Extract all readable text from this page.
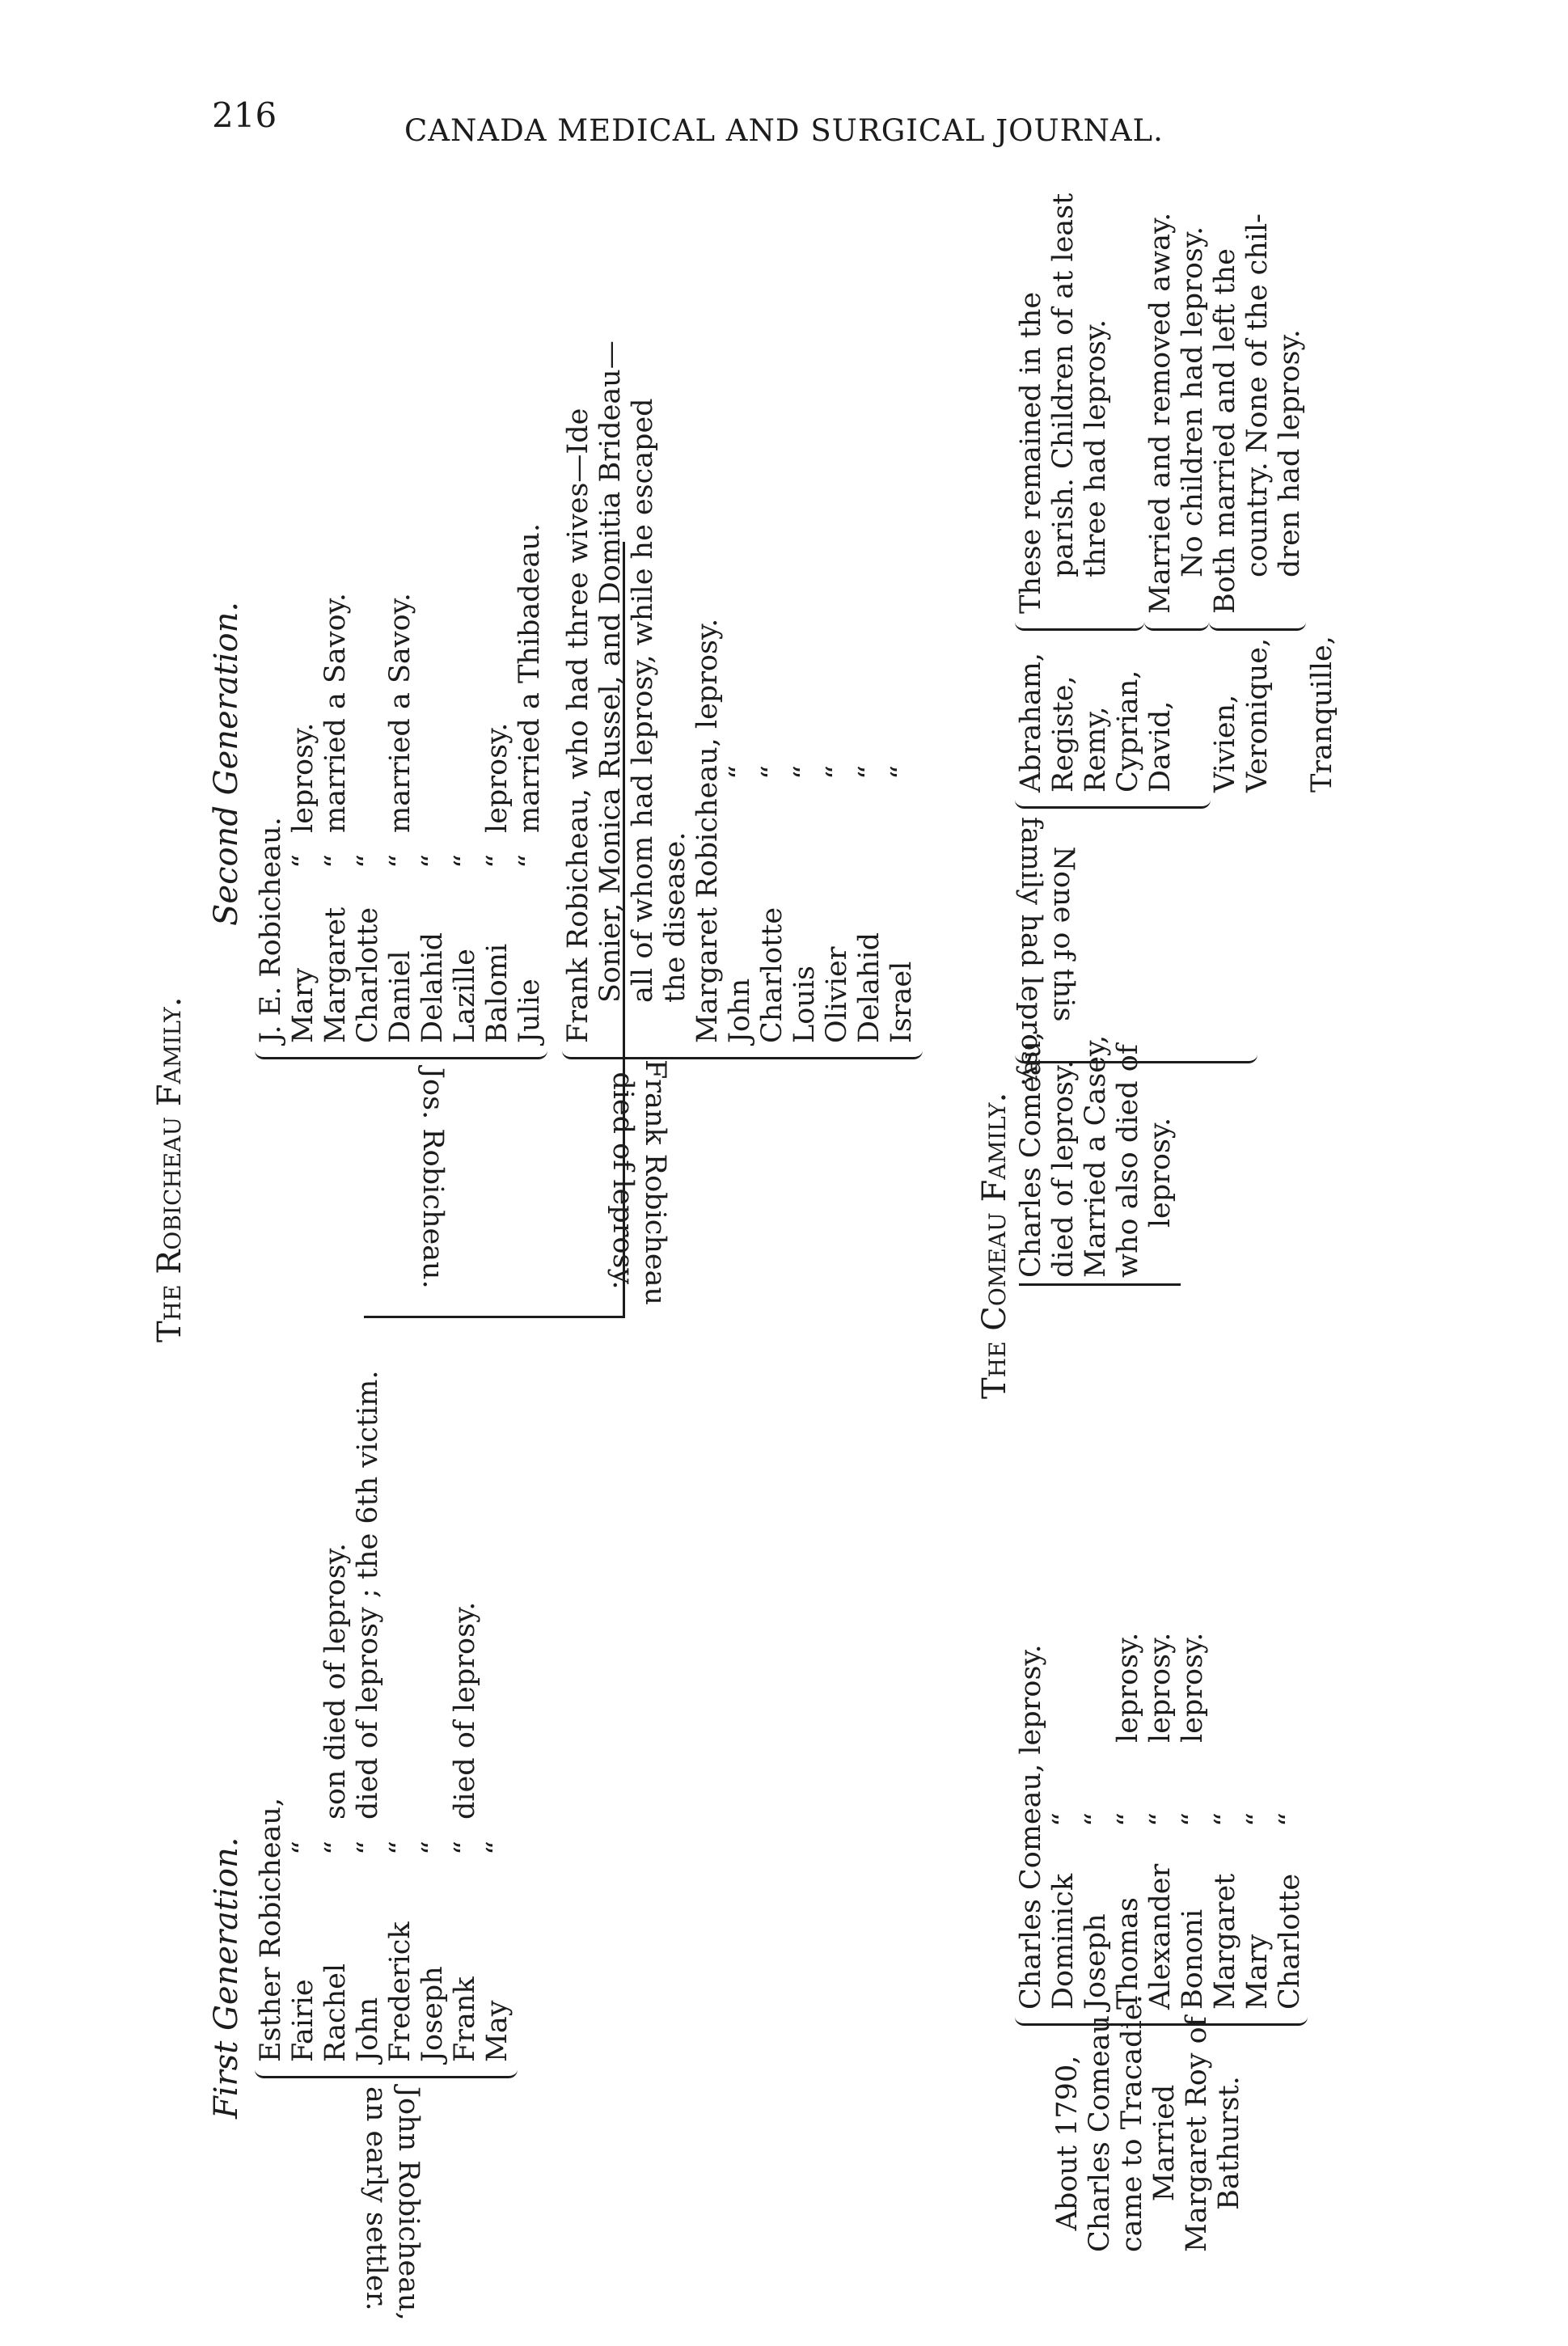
216	CANADA MEDICAL AND SURGICAL JOURNAL.
The Robicheau Family.
First Generation.
Second Generation.
John Robicheau,
an early settler.
Esther Robicheau, Fairie“
Rachel“son died of leprosy.
John“died of leprosy ; the 6th victim.
Frederick“
Joseph“
Frank“died of leprosy.
May“
Jos. Robicheau.
J. E. Robicheau. Mary“leprosy.
Margaret“married a Savoy.
Charlotte“
Daniel“married a Savoy.
Delahid“
Lazille“
Balomi“leprosy.
Julie“married a Thibadeau.
Frank Robicheau
died of leprosy.
Frank Robicheau, who had three wives—Ide Sonier, Monica Russel, and Domitia Brideau— all of whom had leprosy, while he escaped the disease. Margaret Robicheau, leprosy. John“
Charlotte“
Louis“
Olivier“
Delahid“
Israel“
The Comeau Family.
About 1790, Charles Comeau came to Tracadie. Married Margaret Roy of Bathurst.
Charles Comeau, leprosy. Dominick“
Joseph“
Thomas“leprosy.
Alexander“leprosy.
Bononi“leprosy.
Margaret“
Mary“
Charlotte“
Charles Comeau, died of leprosy. Married a Casey, who also died of leprosy.
None of this
family had leprosy.
Abraham, Registe, Remy, Cyprian,
These remained in the parish. Children of at least three had leprosy.
David,
Married and removed away. No children had leprosy.
Vivien, Veronique,
Both married and left the country. None of the chil- dren had leprosy.
Tranquille,
